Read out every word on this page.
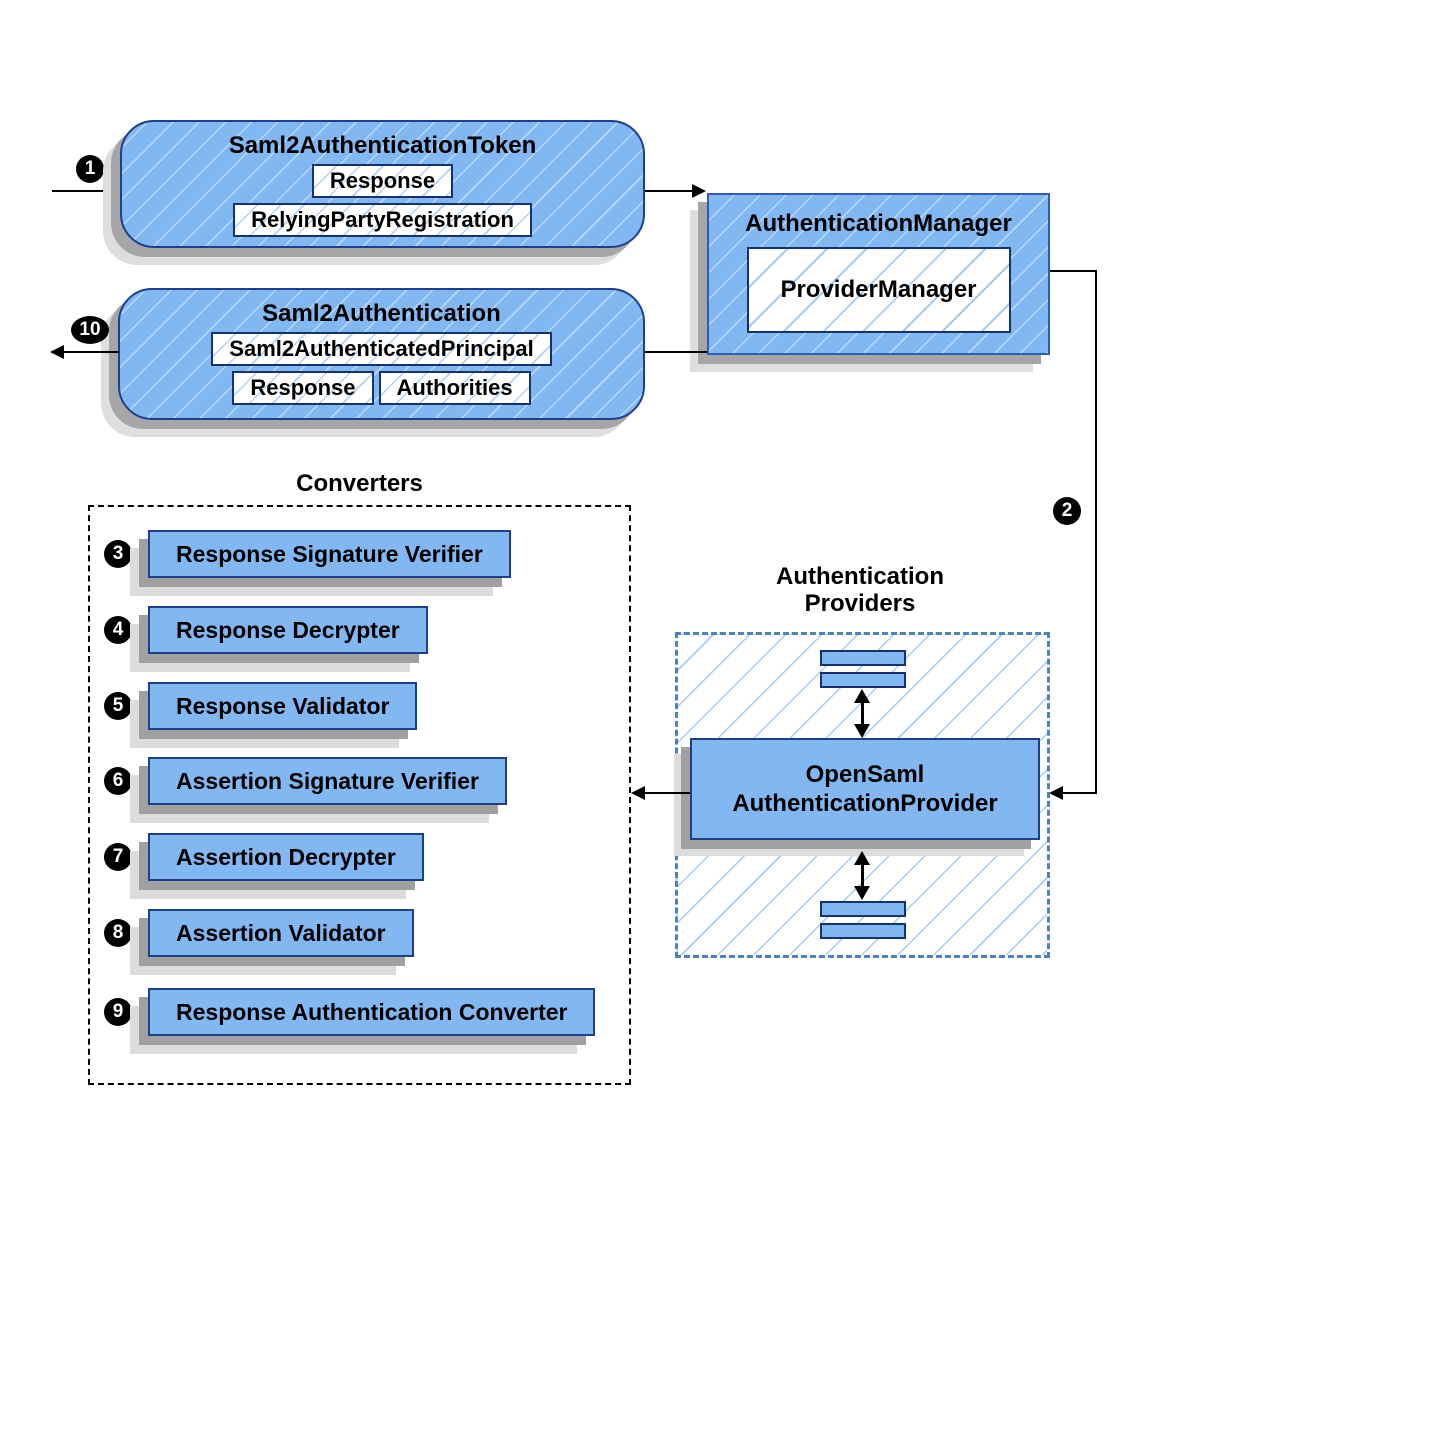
1
Saml2AuthenticationToken
Response
RelyingPartyRegistration	AuthenticationManager
ProviderManager
Saml2Authentication
Saml2AuthenticatedPrincipal
Response	Authorities
10
2
Converters
3	Response Signature Verifier
4	Response Decrypter
5	Response Validator
6	Assertion Signature Verifier
7	Assertion Decrypter
8	Assertion Validator
9	Response Authentication Converter
Authentication
Providers
OpenSaml
AuthenticationProvider
